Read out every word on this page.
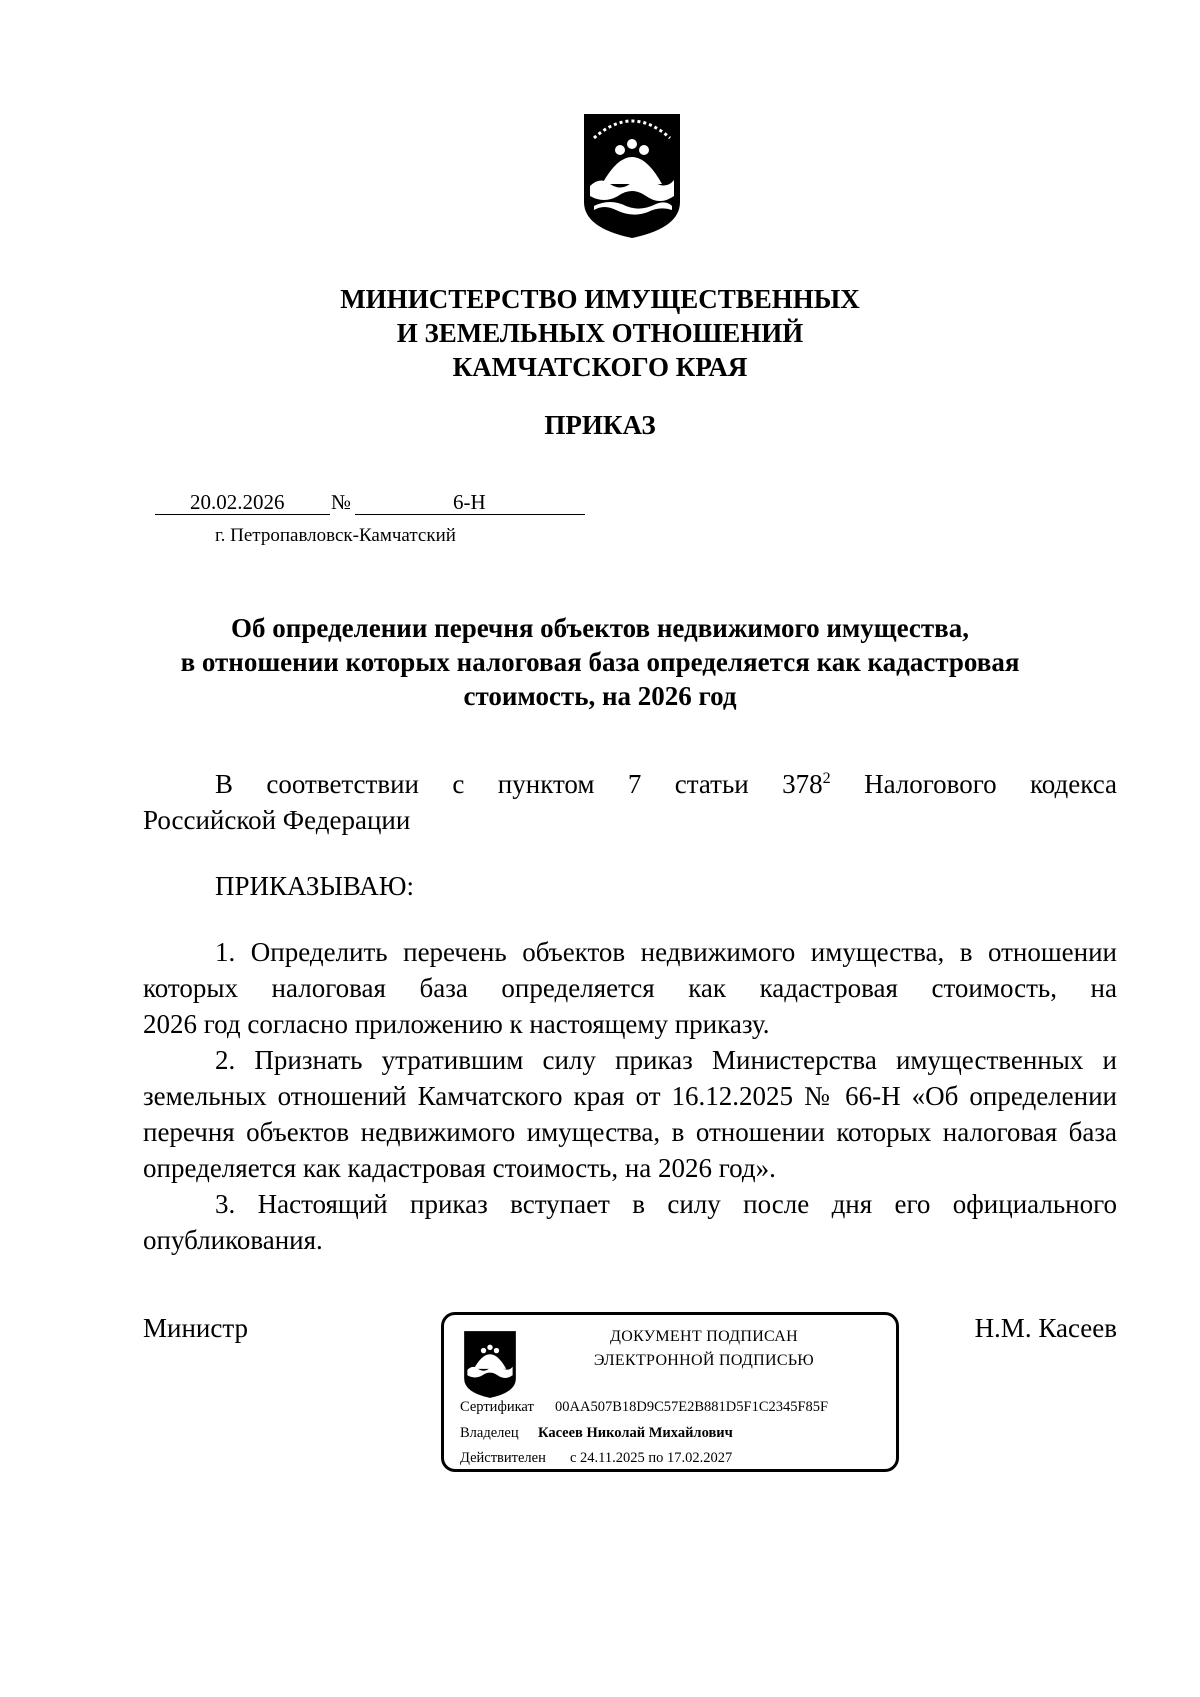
МИНИСТЕРСТВО ИМУЩЕСТВЕННЫХ
И ЗЕМЕЛЬНЫХ ОТНОШЕНИЙ
КАМЧАТСКОГО КРАЯ
ПРИКАЗ
20.02.2026 №	6-Н
г. Петропавловск-Камчатский
Об определении перечня объектов недвижимого имущества,
в отношении которых налоговая база определяется как кадастровая
стоимость, на 2026 год
В соответствии с пунктом 7 статьи $378^2$ Налогового кодекса
Российской Федерации
ПРИКАЗЫВАЮ:
1. Определить перечень объектов недвижимого имущества, в отношении
которых налоговая база определяется как кадастровая стоимость, на
2026 год согласно приложению к настоящему приказу.
2. Признать утратившим силу приказ Министерства имущественных и
земельных отношений Камчатского края от 16.12.2025 № 66-Н «Об определении
перечня объектов недвижимого имущества, в отношении которых налоговая база
определяется как кадастровая стоимость, на 2026 год».
3. Настоящий приказ вступает в силу после дня его официального
опубликования.
Министр	Н.М. Касеев
ДОКУМЕНТ ПОДПИСАН
ЭЛЕКТРОННОЙ ПОДПИСЬЮ
Сертификат 00AA507B18D9C57E2B881D5F1C2345F85F
Владелец Касеев Николай Михайлович
Действителен с 24.11.2025 по 17.02.2027
